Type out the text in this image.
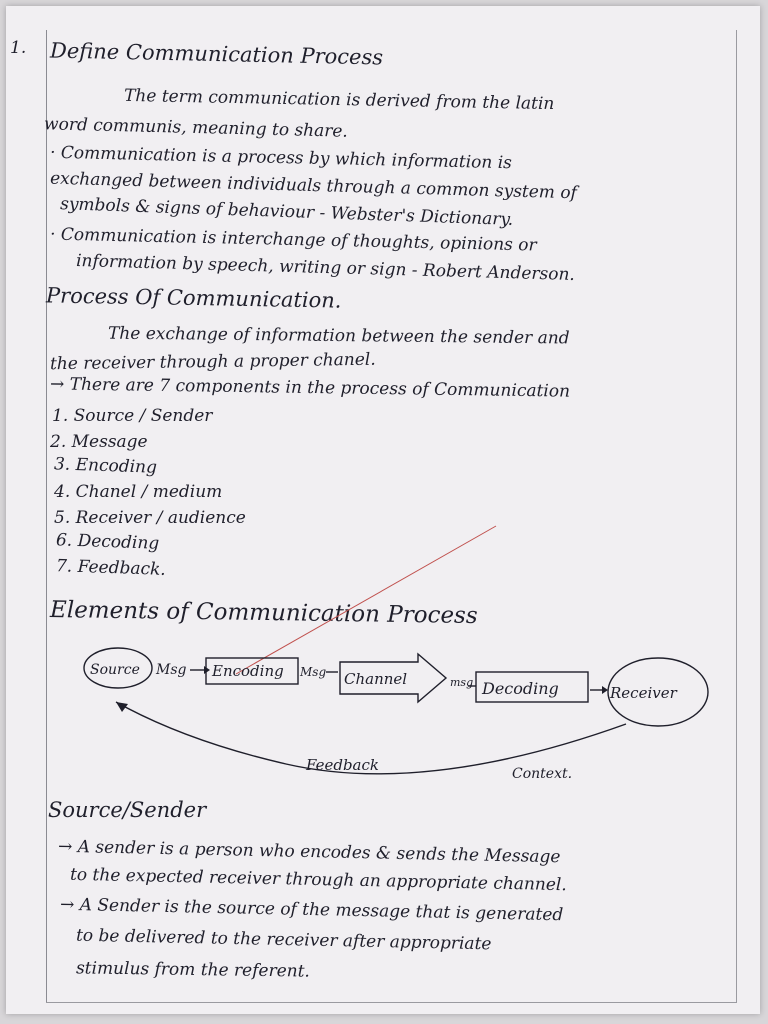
1. Define Communication Process
The term communication is derived from the latin
word communis, meaning to share.
· Communication is a process by which information is
exchanged between individuals through a common system of
symbols & signs of behaviour - Webster's Dictionary.
· Communication is interchange of thoughts, opinions or
information by speech, writing or sign - Robert Anderson.
Process Of Communication.
The exchange of information between the sender and
the receiver through a proper chanel.
→ There are 7 components in the process of Communication
1. Source / Sender
2. Message
3. Encoding
4. Chanel / medium
5. Receiver / audience
6. Decoding
7. Feedback.
Elements of Communication Process
Source Msg Encoding Msg Channel	msg Decoding	Receiver
Feedback	Context.
Source/Sender
→ A sender is a person who encodes & sends the Message
to the expected receiver through an appropriate channel.
→ A Sender is the source of the message that is generated
to be delivered to the receiver after appropriate
stimulus from the referent.
